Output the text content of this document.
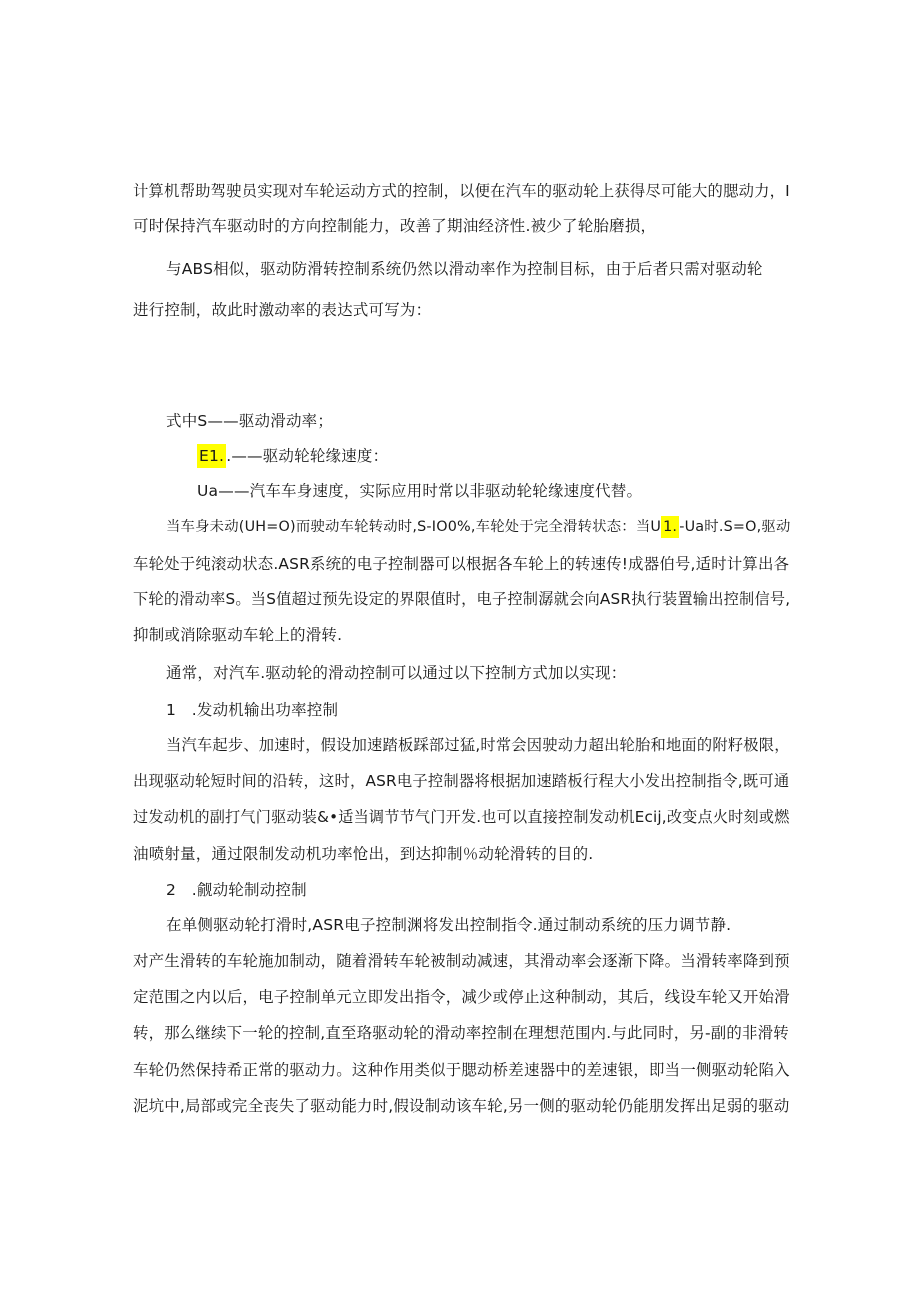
计算机帮助驾驶员实现对车轮运动方式的控制，以便在汽车的驱动轮上获得尽可能大的腮动力，I

可时保持汽车驱动时的方向控制能力，改善了期油经济性.被少了轮胎磨损，

与ABS相似，驱动防滑转控制系统仍然以滑动率作为控制目标，由于后者只需对驱动轮

进行控制，故此时激动率的表达式可写为：

式中S——驱动滑动率；

E1. .——驱动轮轮缘速度：

Ua——汽车车身速度，实际应用时常以非驱动轮轮缘速度代替。

当车身未动(UH=O)而驶动车轮转动时,S-IO0%,车轮处于完全滑转状态：当U 1. -Ua时.S=O,驱动

车轮处于纯滚动状态.ASR系统的电子控制器可以根据各车轮上的转速传!成器伯号,适时计算出各

下轮的滑动率S。当S值超过预先设定的界限值时，电子控制潺就会向ASR执行装置输出控制信号,

抑制或消除驱动车轮上的滑转.

通常，对汽车.驱动轮的滑动控制可以通过以下控制方式加以实现：

1　.发动机输出功率控制

当汽车起步、加速时，假设加速踏板踩部过猛,时常会因驶动力超出轮胎和地面的附籽极限，

出现驱动轮短时间的沿转，这时，ASR电子控制器将根据加速踏板行程大小发出控制指令,既可通

过发动机的副打气门驱动装&•适当调节节气门开发.也可以直接控制发动机Ecij,改变点火时刻或燃

油喷射量，通过限制发动机功率怆出，到达抑制％动轮滑转的目的.

2　.觎动轮制动控制

在单侧驱动轮打滑时,ASR电子控制渊将发出控制指令.通过制动系统的压力调节静.

对产生滑转的车轮施加制动，随着滑转车轮被制动减速，其滑动率会逐渐下降。当滑转率降到预

定范围之内以后，电子控制单元立即发出指令，减少或停止这种制动，其后，线设车轮又开始滑

转，那么继续下一轮的控制,直至珞驱动轮的滑动率控制在理想范围内.与此同时，另-副的非滑转

车轮仍然保持希正常的驱动力。这种作用类似于腮动桥差速器中的差速银，即当一侧驱动轮陷入

泥坑中,局部或完全丧失了驱动能力时,假设制动该车轮,另一侧的驱动轮仍能朋发挥出足弱的驱动
